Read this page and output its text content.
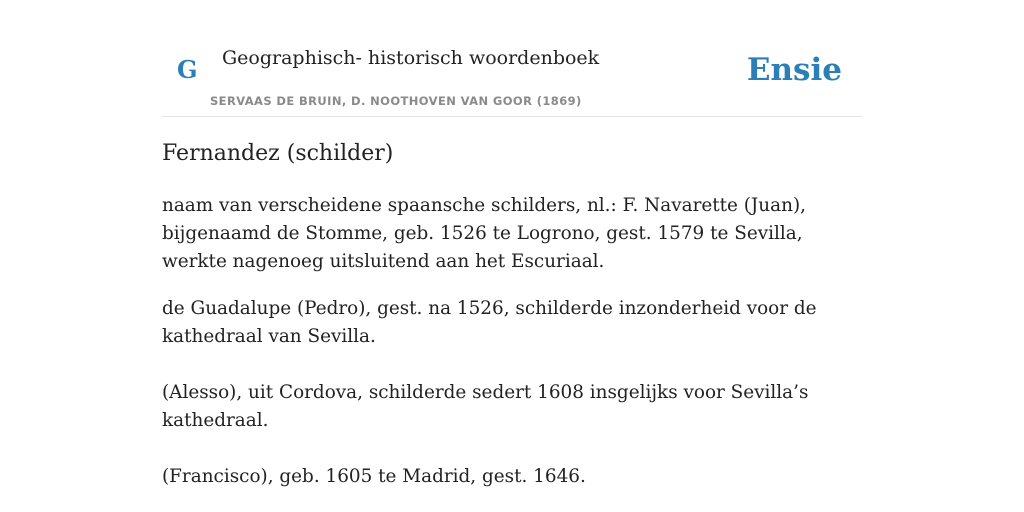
G Geographisch- historisch woordenboek
SERVAAS DE BRUIN, D. NOOTHOVEN VAN GOOR (1869)
Ensie
Fernandez (schilder)

naam van verscheidene spaansche schilders, nl.: F. Navarette (Juan), bijgenaamd de Stomme, geb. 1526 te Logrono, gest. 1579 te Sevilla, werkte nagenoeg uitsluitend aan het Escuriaal.

de Guadalupe (Pedro), gest. na 1526, schilderde inzonderheid voor de kathedraal van Sevilla.

(Alesso), uit Cordova, schilderde sedert 1608 insgelijks voor Sevilla’s kathedraal.

(Francisco), geb. 1605 te Madrid, gest. 1646.
